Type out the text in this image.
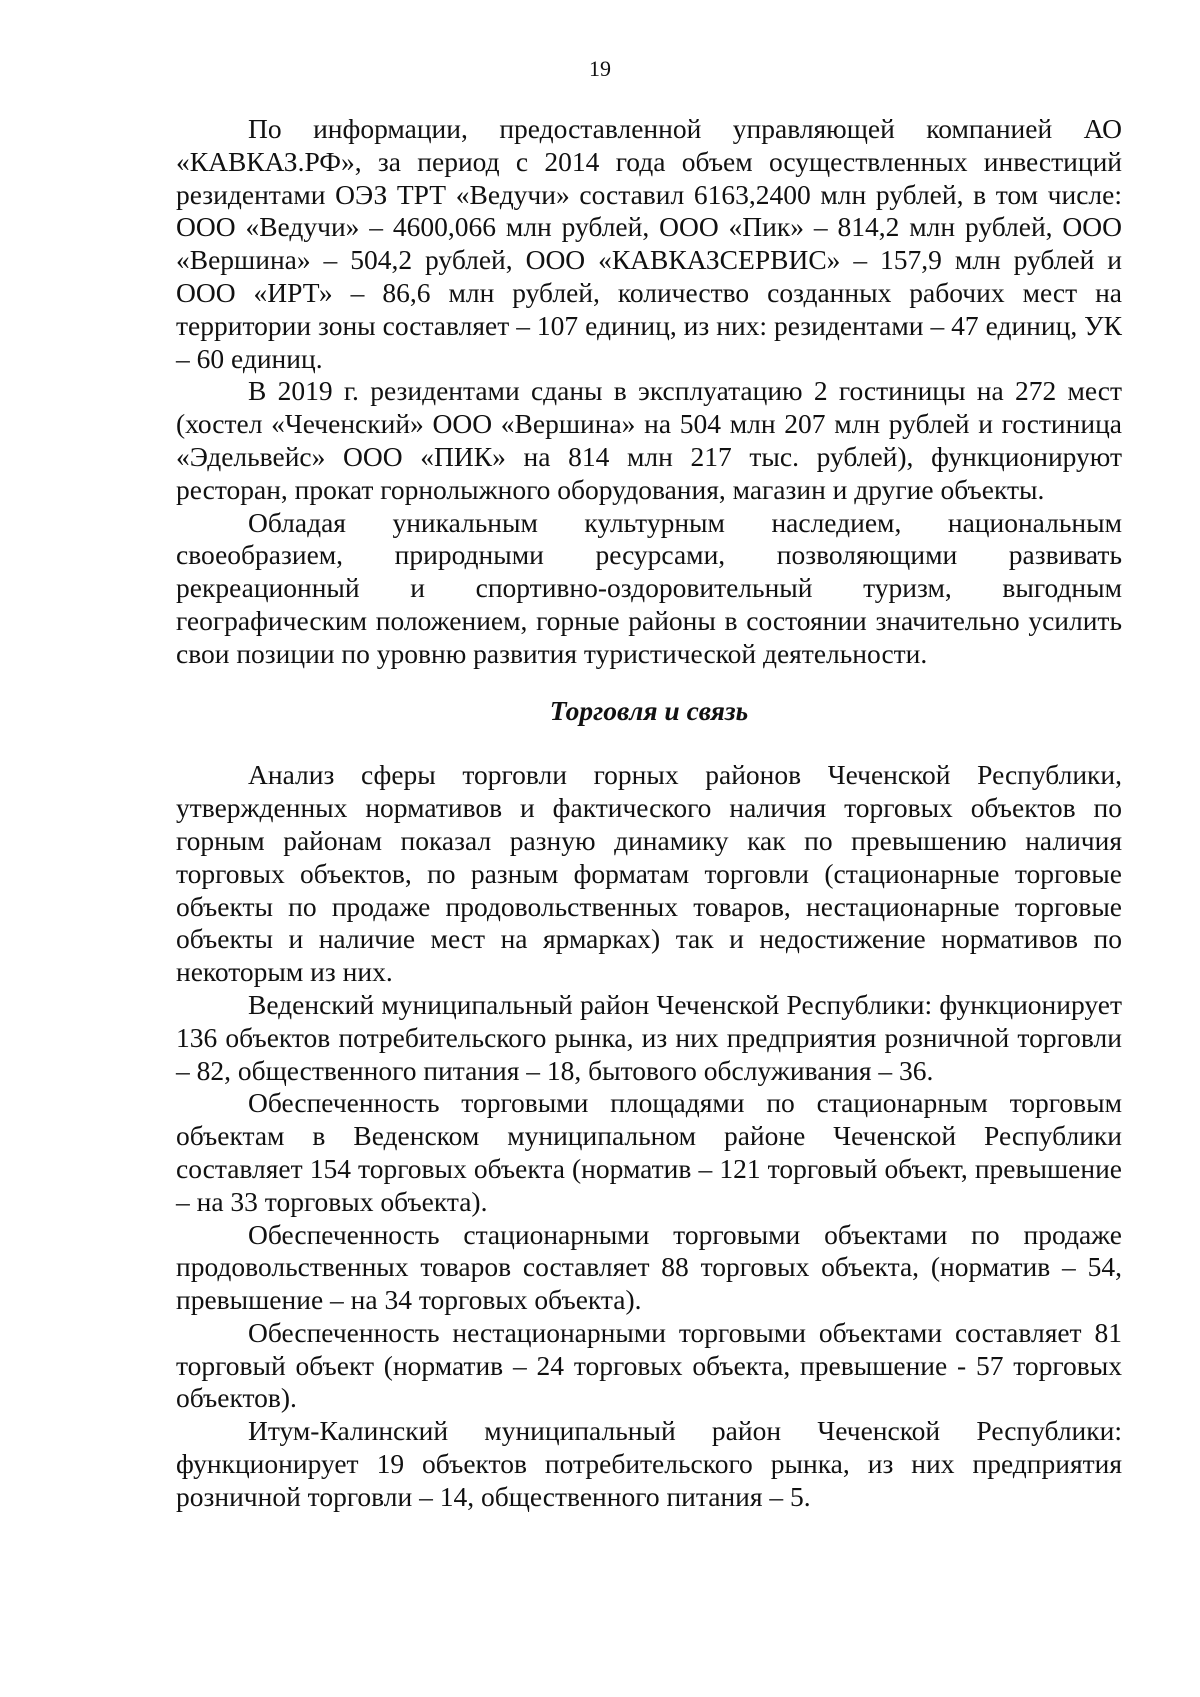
19

По информации, предоставленной управляющей компанией АО «КАВКАЗ.РФ», за период с 2014 года объем осуществленных инвестиций резидентами ОЭЗ ТРТ «Ведучи» составил 6163,2400 млн рублей, в том числе: ООО «Ведучи» – 4600,066 млн рублей, ООО «Пик» – 814,2 млн рублей, ООО «Вершина» – 504,2 рублей, ООО «КАВКАЗСЕРВИС» – 157,9 млн рублей и ООО «ИРТ» – 86,6 млн рублей, количество созданных рабочих мест на территории зоны составляет – 107 единиц, из них: резидентами – 47 единиц, УК – 60 единиц.

В 2019 г. резидентами сданы в эксплуатацию 2 гостиницы на 272 мест (хостел «Чеченский» ООО «Вершина» на 504 млн 207 млн рублей и гостиница «Эдельвейс» ООО «ПИК» на 814 млн 217 тыс. рублей), функционируют ресторан, прокат горнолыжного оборудования, магазин и другие объекты.

Обладая уникальным культурным наследием, национальным своеобразием, природными ресурсами, позволяющими развивать рекреационный и спортивно-оздоровительный туризм, выгодным географическим положением, горные районы в состоянии значительно усилить свои позиции по уровню развития туристической деятельности.

Торговля и связь

Анализ сферы торговли горных районов Чеченской Республики, утвержденных нормативов и фактического наличия торговых объектов по горным районам показал разную динамику как по превышению наличия торговых объектов, по разным форматам торговли (стационарные торговые объекты по продаже продовольственных товаров, нестационарные торговые объекты и наличие мест на ярмарках) так и недостижение нормативов по некоторым из них.

Веденский муниципальный район Чеченской Республики: функционирует 136 объектов потребительского рынка, из них предприятия розничной торговли – 82, общественного питания – 18, бытового обслуживания – 36.

Обеспеченность торговыми площадями по стационарным торговым объектам в Веденском муниципальном районе Чеченской Республики составляет 154 торговых объекта (норматив – 121 торговый объект, превышение – на 33 торговых объекта).

Обеспеченность стационарными торговыми объектами по продаже продовольственных товаров составляет 88 торговых объекта, (норматив – 54, превышение – на 34 торговых объекта).

Обеспеченность нестационарными торговыми объектами составляет 81 торговый объект (норматив – 24 торговых объекта, превышение - 57 торговых объектов).

Итум-Калинский муниципальный район Чеченской Республики: функционирует 19 объектов потребительского рынка, из них предприятия розничной торговли – 14, общественного питания – 5.
